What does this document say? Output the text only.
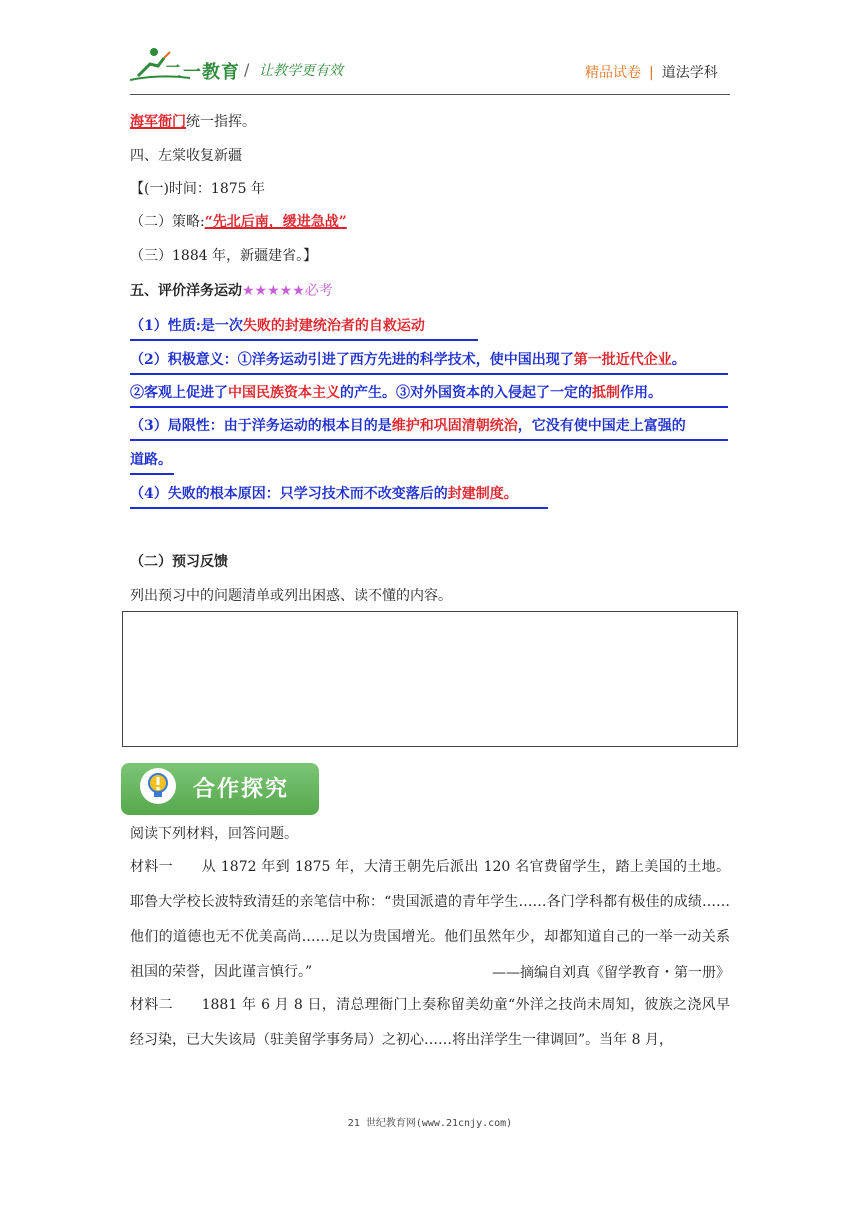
二一教育 / 让教学更有效	精品试卷 | 道法学科
海军衙门统一指挥。
四、左棠收复新疆
【(一)时间：1875 年
（二）策略:“先北后南，缓进急战”
（三）1884 年，新疆建省。】
五、评价洋务运动★★★★★必考
（1）性质:是一次失败的封建统治者的自救运动
（2）积极意义：①洋务运动引进了西方先进的科学技术，使中国出现了第一批近代企业。
②客观上促进了中国民族资本主义的产生。③对外国资本的入侵起了一定的抵制作用。
（3）局限性：由于洋务运动的根本目的是维护和巩固清朝统治，它没有使中国走上富强的
道路。
（4）失败的根本原因：只学习技术而不改变落后的封建制度。
（二）预习反馈
列出预习中的问题清单或列出困惑、读不懂的内容。
合作探究
阅读下列材料，回答问题。
材料一　　从 1872 年到 1875 年，大清王朝先后派出 120 名官费留学生，踏上美国的土地。耶鲁大学校长波特致清廷的亲笔信中称：“贵国派遣的青年学生……各门学科都有极佳的成绩……他们的道德也无不优美高尚……足以为贵国增光。他们虽然年少，却都知道自己的一举一动关系祖国的荣誉，因此谨言慎行。”	——摘编自刘真《留学教育・第一册》
材料二　　1881 年 6 月 8 日，清总理衙门上奏称留美幼童“外洋之技尚未周知，彼族之浇风早经习染，已大失该局（驻美留学事务局）之初心……将出洋学生一律调回”。当年 8 月，
21 世纪教育网(www.21cnjy.com)
